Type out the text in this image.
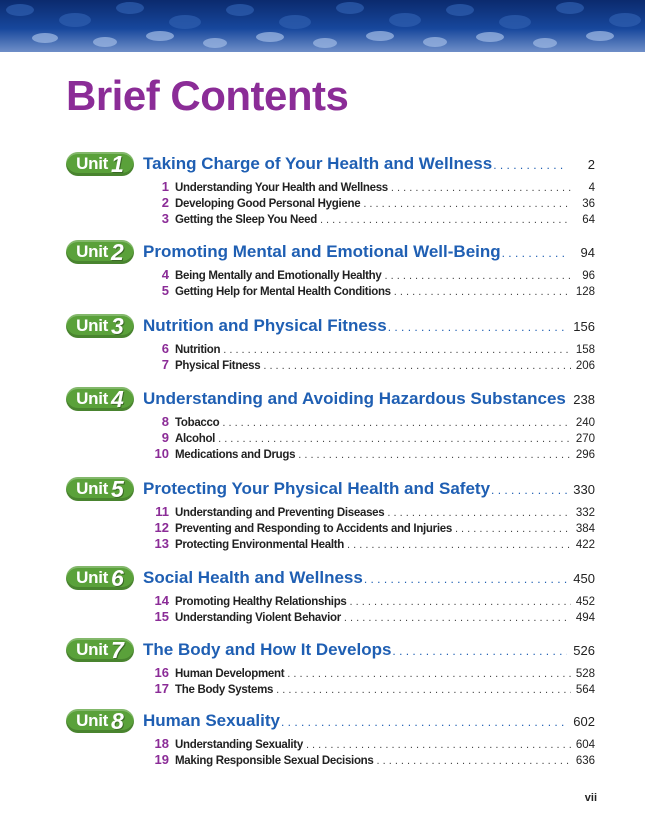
Brief Contents
Unit 1 Taking Charge of Your Health and Wellness . . .	2
1 Understanding Your Health and Wellness . . .	4
2 Developing Good Personal Hygiene . . .	36
3 Getting the Sleep You Need . . .	64
Unit 2 Promoting Mental and Emotional Well-Being . . .	94
4 Being Mentally and Emotionally Healthy . . .	96
5 Getting Help for Mental Health Conditions . . .	128
Unit 3 Nutrition and Physical Fitness . . .	156
6 Nutrition . . .	158
7 Physical Fitness . . .	206
Unit 4 Understanding and Avoiding Hazardous Substances . . . 238
8 Tobacco . . .	240
9 Alcohol . . .	270
10 Medications and Drugs . . .	296
Unit 5 Protecting Your Physical Health and Safety . . .	330
11 Understanding and Preventing Diseases . . .	332
12 Preventing and Responding to Accidents and Injuries . . .	384
13 Protecting Environmental Health . . .	422
Unit 6 Social Health and Wellness . . .	450
14 Promoting Healthy Relationships . . .	452
15 Understanding Violent Behavior . . .	494
Unit 7 The Body and How It Develops . . .	526
16 Human Development . . .	528
17 The Body Systems . . .	564
Unit 8 Human Sexuality . . .	602
18 Understanding Sexuality . . .	604
19 Making Responsible Sexual Decisions . . .	636
vii
